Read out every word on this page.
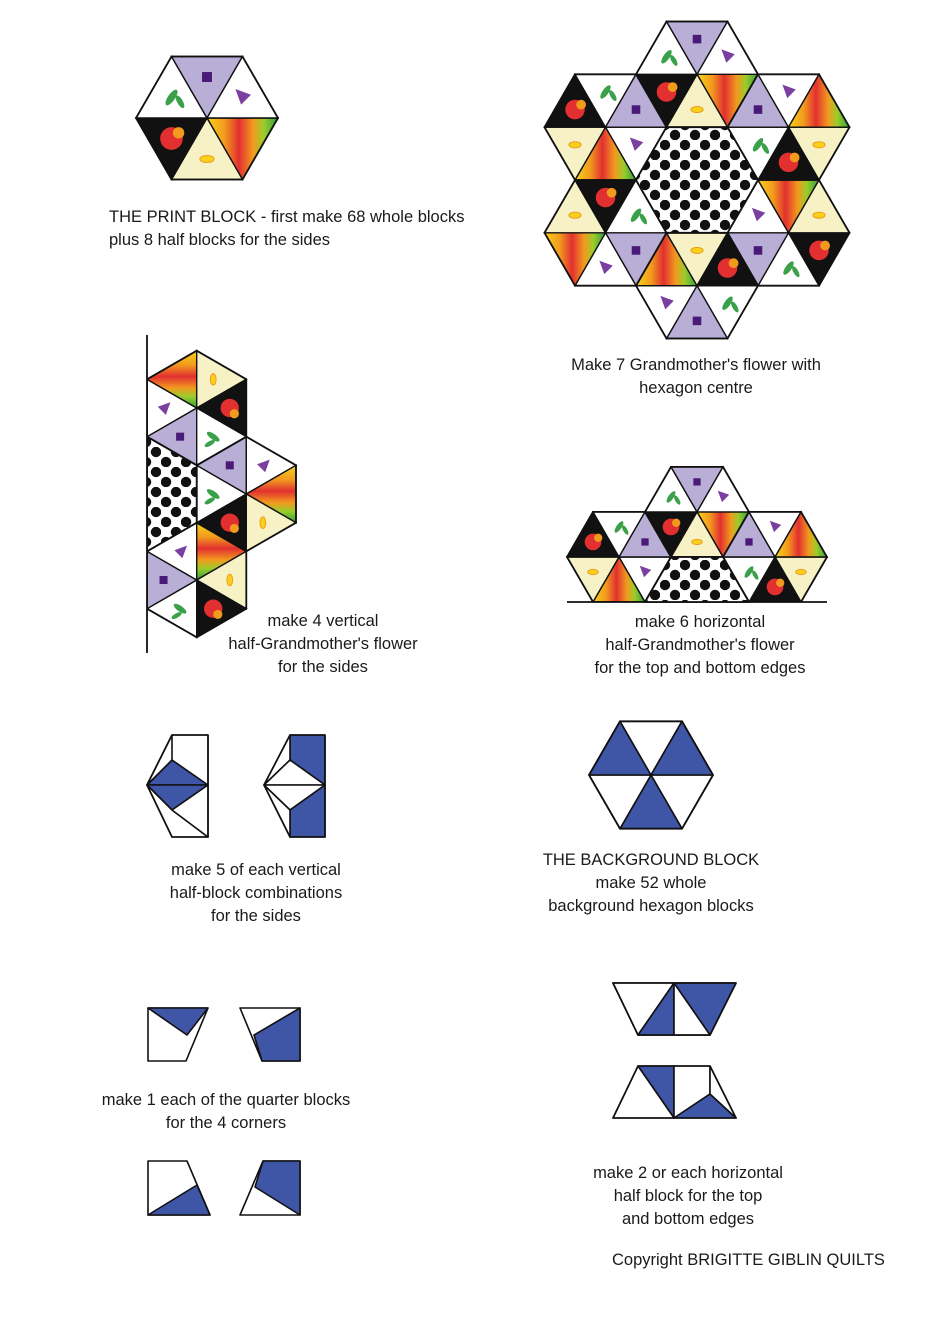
THE PRINT BLOCK - first make 68 whole blocks
plus 8 half blocks for the sides
Make 7 Grandmother's flower with
hexagon centre
make 4 vertical
half-Grandmother's flower
for the sides
make 6 horizontal
half-Grandmother's flower
for the top and bottom edges
make 5 of each vertical
half-block combinations
for the sides
THE BACKGROUND BLOCK
make 52 whole
background hexagon blocks
make 1 each of the quarter blocks
for the 4 corners
make 2 or each horizontal
half block for the top
and bottom edges
Copyright BRIGITTE GIBLIN QUILTS
